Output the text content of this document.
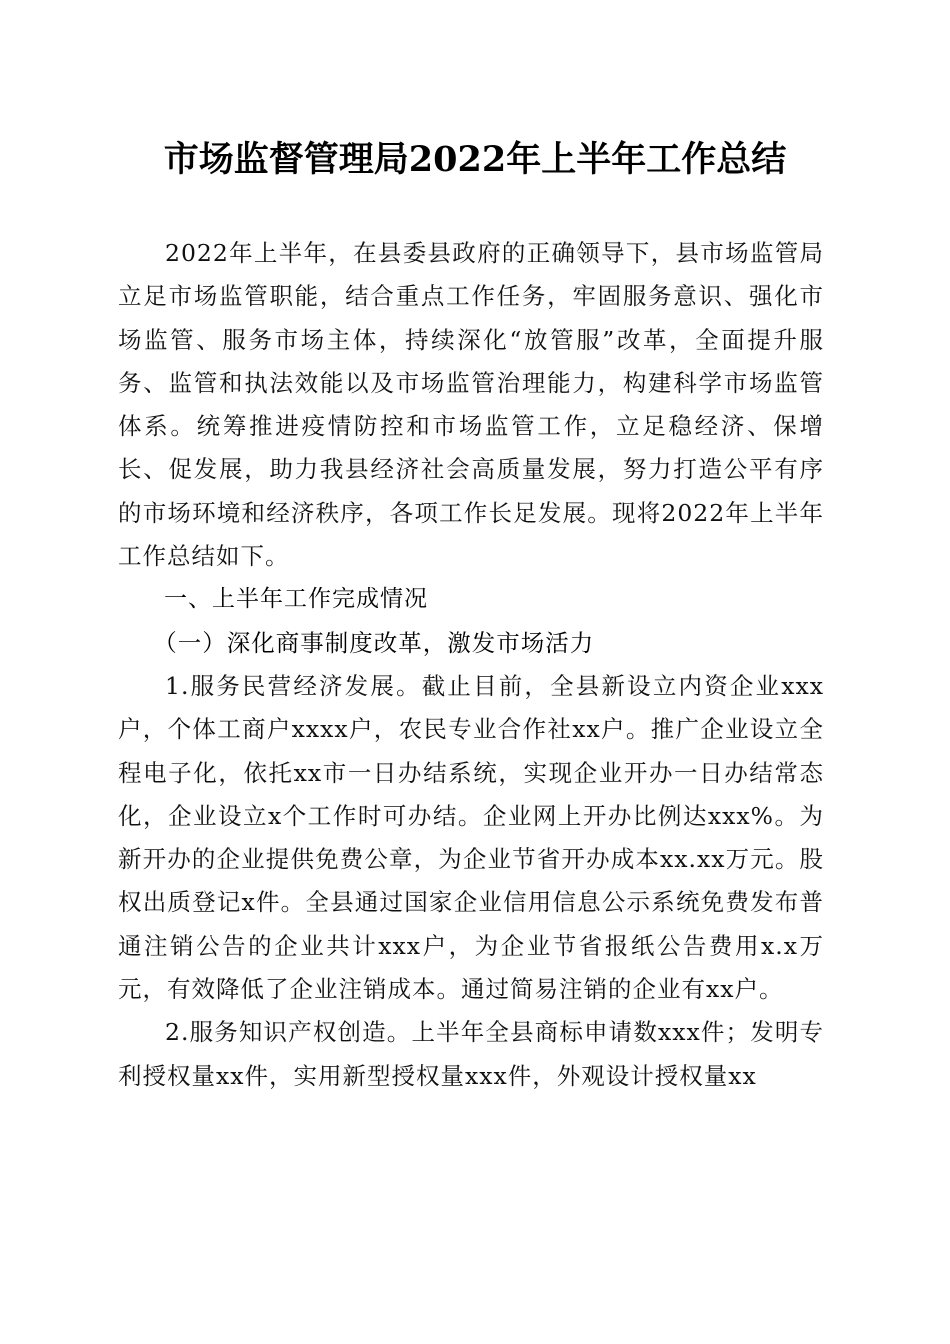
市场监督管理局2022年上半年工作总结

2022年上半年，在县委县政府的正确领导下，县市场监管局立足市场监管职能，结合重点工作任务，牢固服务意识、强化市场监管、服务市场主体，持续深化“放管服”改革，全面提升服务、监管和执法效能以及市场监管治理能力，构建科学市场监管体系。统筹推进疫情防控和市场监管工作，立足稳经济、保增长、促发展，助力我县经济社会高质量发展，努力打造公平有序的市场环境和经济秩序，各项工作长足发展。现将2022年上半年工作总结如下。

一、上半年工作完成情况

（一）深化商事制度改革，激发市场活力

1.服务民营经济发展。截止目前，全县新设立内资企业xxx户，个体工商户xxxx户，农民专业合作社xx户。推广企业设立全程电子化，依托xx市一日办结系统，实现企业开办一日办结常态化，企业设立x个工作时可办结。企业网上开办比例达xxx%。为新开办的企业提供免费公章，为企业节省开办成本xx.xx万元。股权出质登记x件。全县通过国家企业信用信息公示系统免费发布普通注销公告的企业共计xxx户，为企业节省报纸公告费用x.x万元，有效降低了企业注销成本。通过简易注销的企业有xx户。

2.服务知识产权创造。上半年全县商标申请数xxx件；发明专利授权量xx件，实用新型授权量xxx件，外观设计授权量xx
